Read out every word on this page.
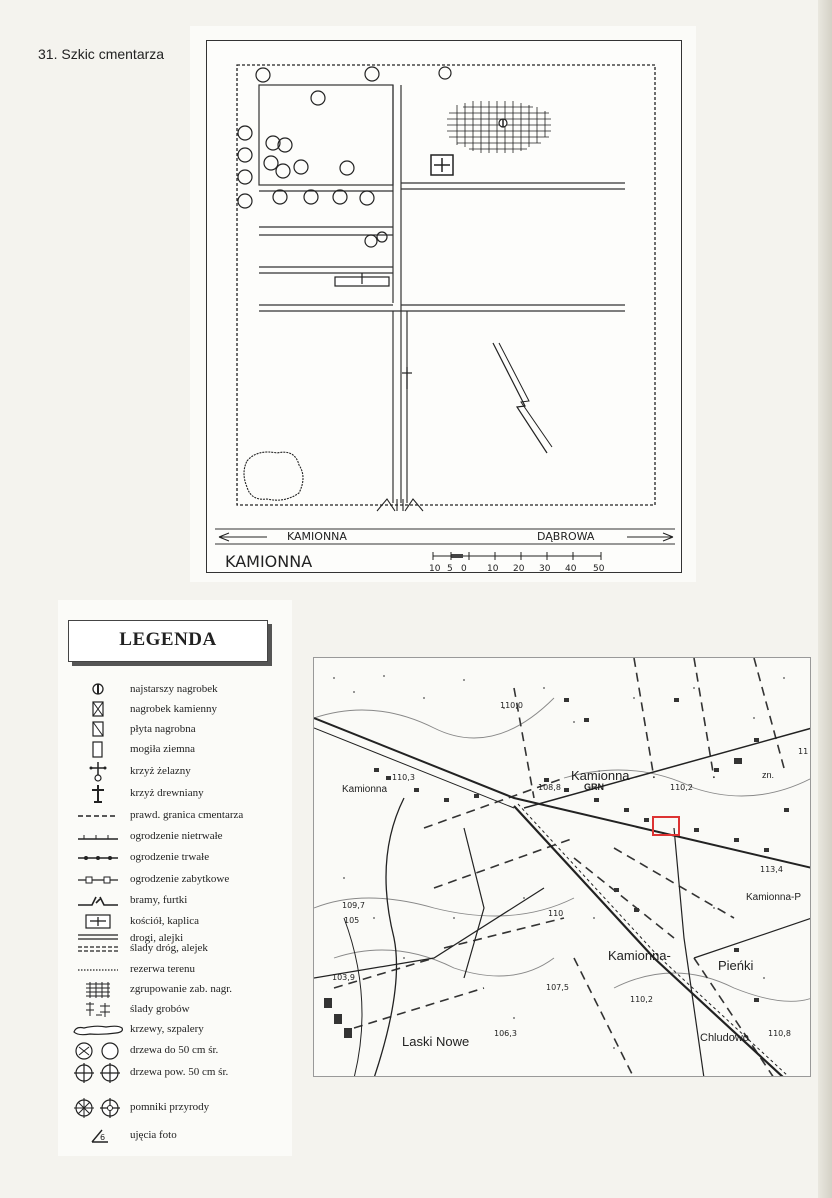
31. Szkic cmentarza
KAMIONNA	DĄBROWA
KAMIONNA	10 5 0 10 20 30 40 50
LEGENDA
najstarszy nagrobek
nagrobek kamienny
płyta nagrobna
mogiła ziemna
krzyż żelazny
krzyż drewniany
prawd. granica cmentarza
ogrodzenie nietrwałe
ogrodzenie trwałe
ogrodzenie zabytkowe
bramy, furtki
kościół, kaplica
drogi, alejki
ślady dróg, alejek
rezerwa terenu
zgrupowanie zab. nagr.
ślady grobów
krzewy, szpalery
drzewa do 50 cm śr.
drzewa pow. 50 cm śr.
pomniki przyrody
6 ujęcia foto
110,0
110,3
108,8	110,2
113,4
109,7
105
110
107,5
103,9
106,3
110,2
110,8
11
Kamionna
Kamionna	GRN
zn.
Kamionna-
Pieńki
Kamionna-P
Laski Nowe	Chludowo
